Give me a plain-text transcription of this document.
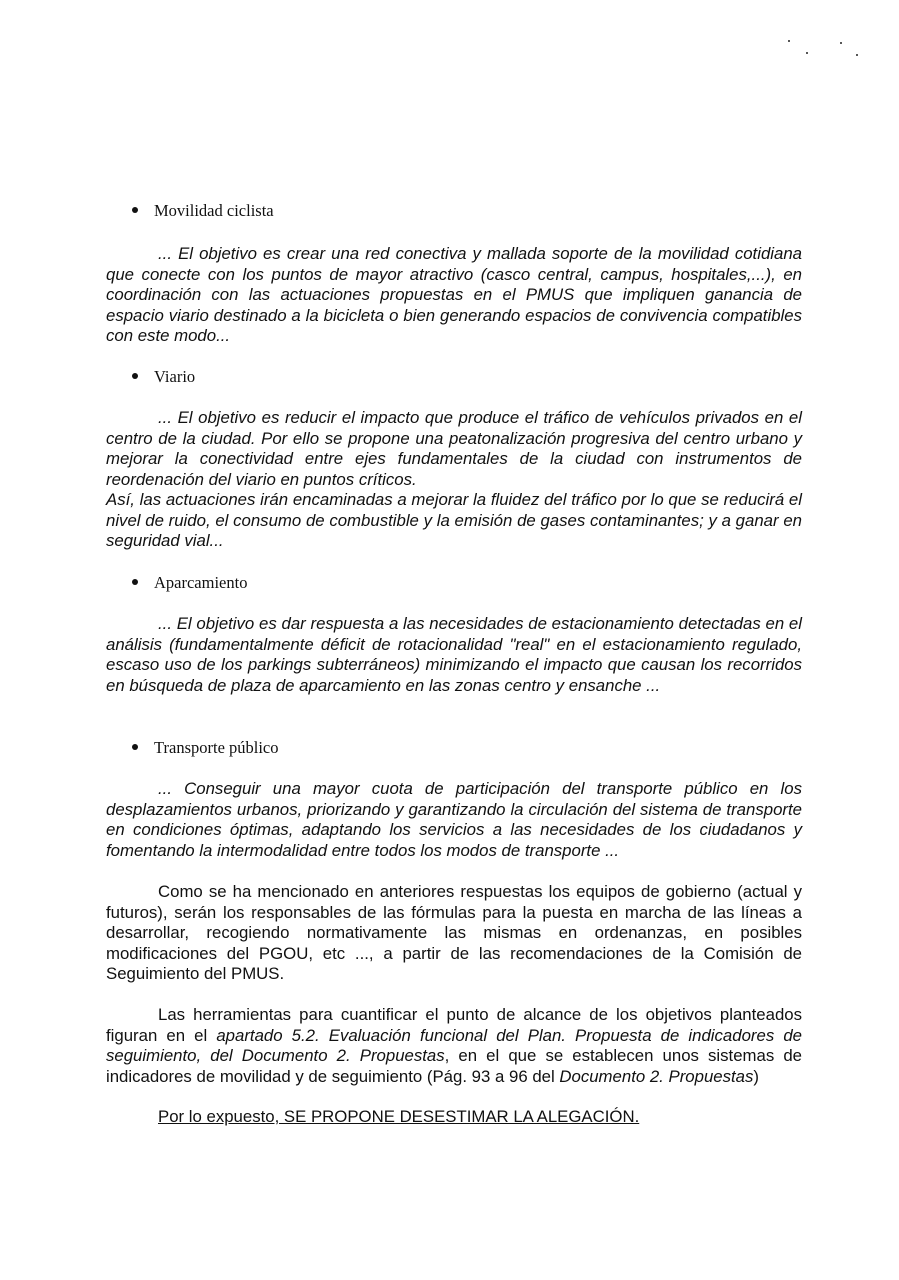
Movilidad ciclista

... El objetivo es crear una red conectiva y mallada soporte de la movilidad cotidiana que conecte con los puntos de mayor atractivo (casco central, campus, hospitales,...), en coordinación con las actuaciones propuestas en el PMUS que impliquen ganancia de espacio viario destinado a la bicicleta o bien generando espacios de convivencia compatibles con este modo...

Viario

... El objetivo es reducir el impacto que produce el tráfico de vehículos privados en el centro de la ciudad. Por ello se propone una peatonalización progresiva del centro urbano y mejorar la conectividad entre ejes fundamentales de la ciudad con instrumentos de reordenación del viario en puntos críticos.

Así, las actuaciones irán encaminadas a mejorar la fluidez del tráfico por lo que se reducirá el nivel de ruido, el consumo de combustible y la emisión de gases contaminantes; y a ganar en seguridad vial...

Aparcamiento

... El objetivo es dar respuesta a las necesidades de estacionamiento detectadas en el análisis (fundamentalmente déficit de rotacionalidad "real" en el estacionamiento regulado, escaso uso de los parkings subterráneos) minimizando el impacto que causan los recorridos en búsqueda de plaza de aparcamiento en las zonas centro y ensanche ...

Transporte público

... Conseguir una mayor cuota de participación del transporte público en los desplazamientos urbanos, priorizando y garantizando la circulación del sistema de transporte en condiciones óptimas, adaptando los servicios a las necesidades de los ciudadanos y fomentando la intermodalidad entre todos los modos de transporte ...

Como se ha mencionado en anteriores respuestas los equipos de gobierno (actual y futuros), serán los responsables de las fórmulas para la puesta en marcha de las líneas a desarrollar, recogiendo normativamente las mismas en ordenanzas, en posibles modificaciones del PGOU, etc ..., a partir de las recomendaciones de la Comisión de Seguimiento del PMUS.

Las herramientas para cuantificar el punto de alcance de los objetivos planteados figuran en el apartado 5.2. Evaluación funcional del Plan. Propuesta de indicadores de seguimiento, del Documento 2. Propuestas, en el que se establecen unos sistemas de indicadores de movilidad y de seguimiento (Pág. 93 a 96 del Documento 2. Propuestas)

Por lo expuesto, SE PROPONE DESESTIMAR LA ALEGACIÓN.
